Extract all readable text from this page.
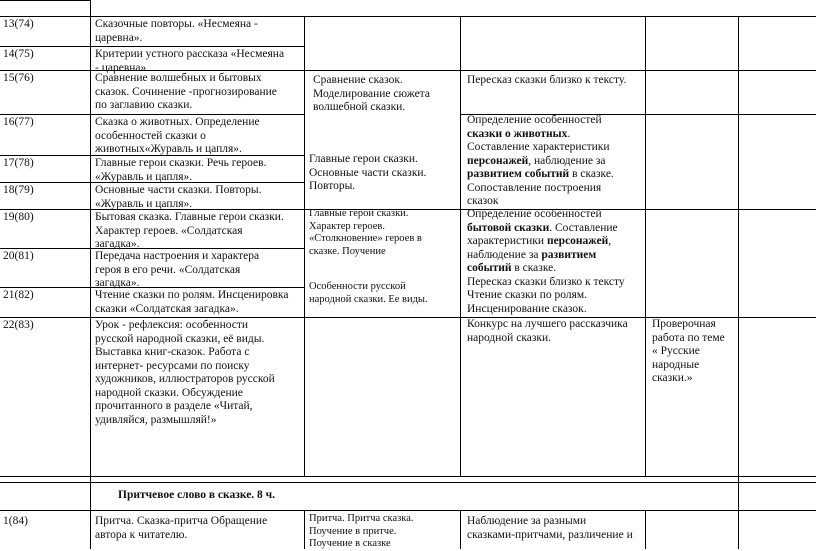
13(74)
14(75)
15(76)
16(77)
17(78)
18(79)
19(80)
20(81)
21(82)
22(83)
Сказочные повторы. «Несмеяна -
царевна».
Критерии устного рассказа «Несмеяна
- царевна».
Сравнение волшебных и бытовых
сказок. Сочинение -прогнозирование
по заглавию сказки.
Сказка о животных. Определение
особенностей сказки о
животных«Журавль и цапля».
Главные герои сказки. Речь героев.
«Журавль и цапля».
Основные части сказки. Повторы.
«Журавль и цапля».
Бытовая сказка. Главные герои сказки.
Характер героев. «Солдатская
загадка».
Передача настроения и характера
героя в его речи. «Солдатская
загадка».
Чтение сказки по ролям. Инсценировка
сказки «Солдатская загадка».
Урок - рефлексия: особенности
русской народной сказки, её виды.
Выставка книг-сказок. Работа с
интернет- ресурсами по поиску
художников, иллюстраторов русской
народной сказки. Обсуждение
прочитанного в разделе «Читай,
удивляйся, размышляй!»
Сравнение сказок.
Моделирование сюжета
волшебной сказки.
Главные герои сказки.
Основные части сказки.
Повторы.
Главные герои сказки.
Характер героев.
«Столкновение» героев в
сказке. Поучение
Особенности русской
народной сказки. Ее виды.
Пересказ сказки близко к тексту.
Определение особенностей
сказки о животных.
Составление характеристики
персонажей, наблюдение за
развитием событий в сказке.
Сопоставление построения
сказок
Определение особенностей
бытовой сказки. Составление
характеристики персонажей,
наблюдение за развитием
событий в сказке.
Пересказ сказки близко к тексту
Чтение сказки по ролям.
Инсценирование сказок.
Конкурс на лучшего рассказчика
народной сказки.
Проверочная
работа по теме
« Русские
народные
сказки.»
Притчевое слово в сказке. 8 ч.
1(84)	Притча. Сказка-притча Обращение
автора к читателю.
Притча. Притча сказка.
Поучение в притче.
Поучение в сказке
Наблюдение за разными
сказками-притчами, различение и
